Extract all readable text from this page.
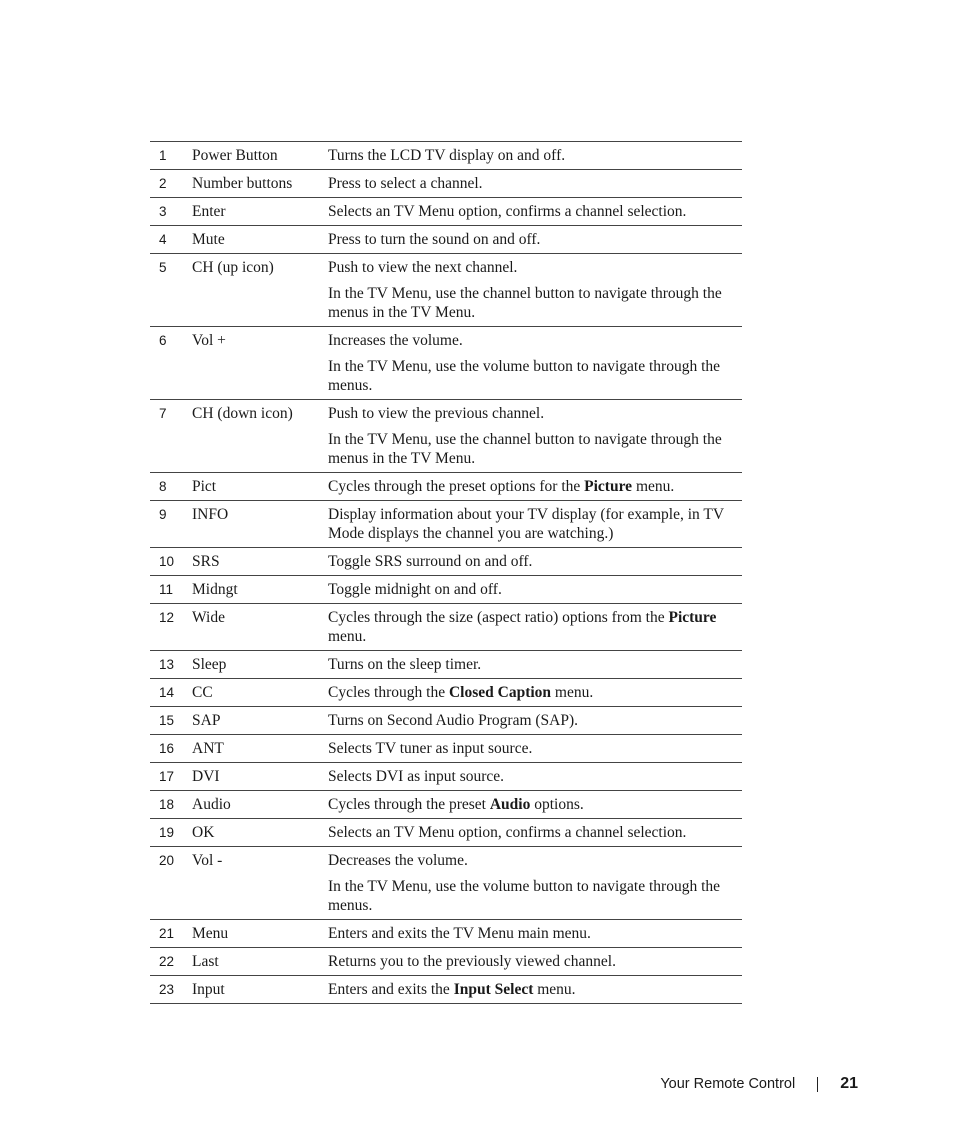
1	Power Button	Turns the LCD TV display on and off.

2	Number buttons	Press to select a channel.

3	Enter	Selects an TV Menu option, confirms a channel selection.

4	Mute	Press to turn the sound on and off.

5	CH (up icon)	Push to view the next channel.

In the TV Menu, use the channel button to navigate through the menus in the TV Menu.

6	Vol +	Increases the volume.

In the TV Menu, use the volume button to navigate through the menus.

7	CH (down icon)	Push to view the previous channel.

In the TV Menu, use the channel button to navigate through the menus in the TV Menu.

8	Pict	Cycles through the preset options for the Picture menu.

9	INFO	Display information about your TV display (for example, in TV Mode displays the channel you are watching.)

10	SRS	Toggle SRS surround on and off.

11	Midngt	Toggle midnight on and off.

12	Wide	Cycles through the size (aspect ratio) options from the Picture menu.

13	Sleep	Turns on the sleep timer.

14	CC	Cycles through the Closed Caption menu.

15	SAP	Turns on Second Audio Program (SAP).

16	ANT	Selects TV tuner as input source.

17	DVI	Selects DVI as input source.

18	Audio	Cycles through the preset Audio options.

19	OK	Selects an TV Menu option, confirms a channel selection.

20	Vol -	Decreases the volume.

In the TV Menu, use the volume button to navigate through the menus.

21	Menu	Enters and exits the TV Menu main menu.

22	Last	Returns you to the previously viewed channel.

23	Input	Enters and exits the Input Select menu.

Your Remote Control	21
